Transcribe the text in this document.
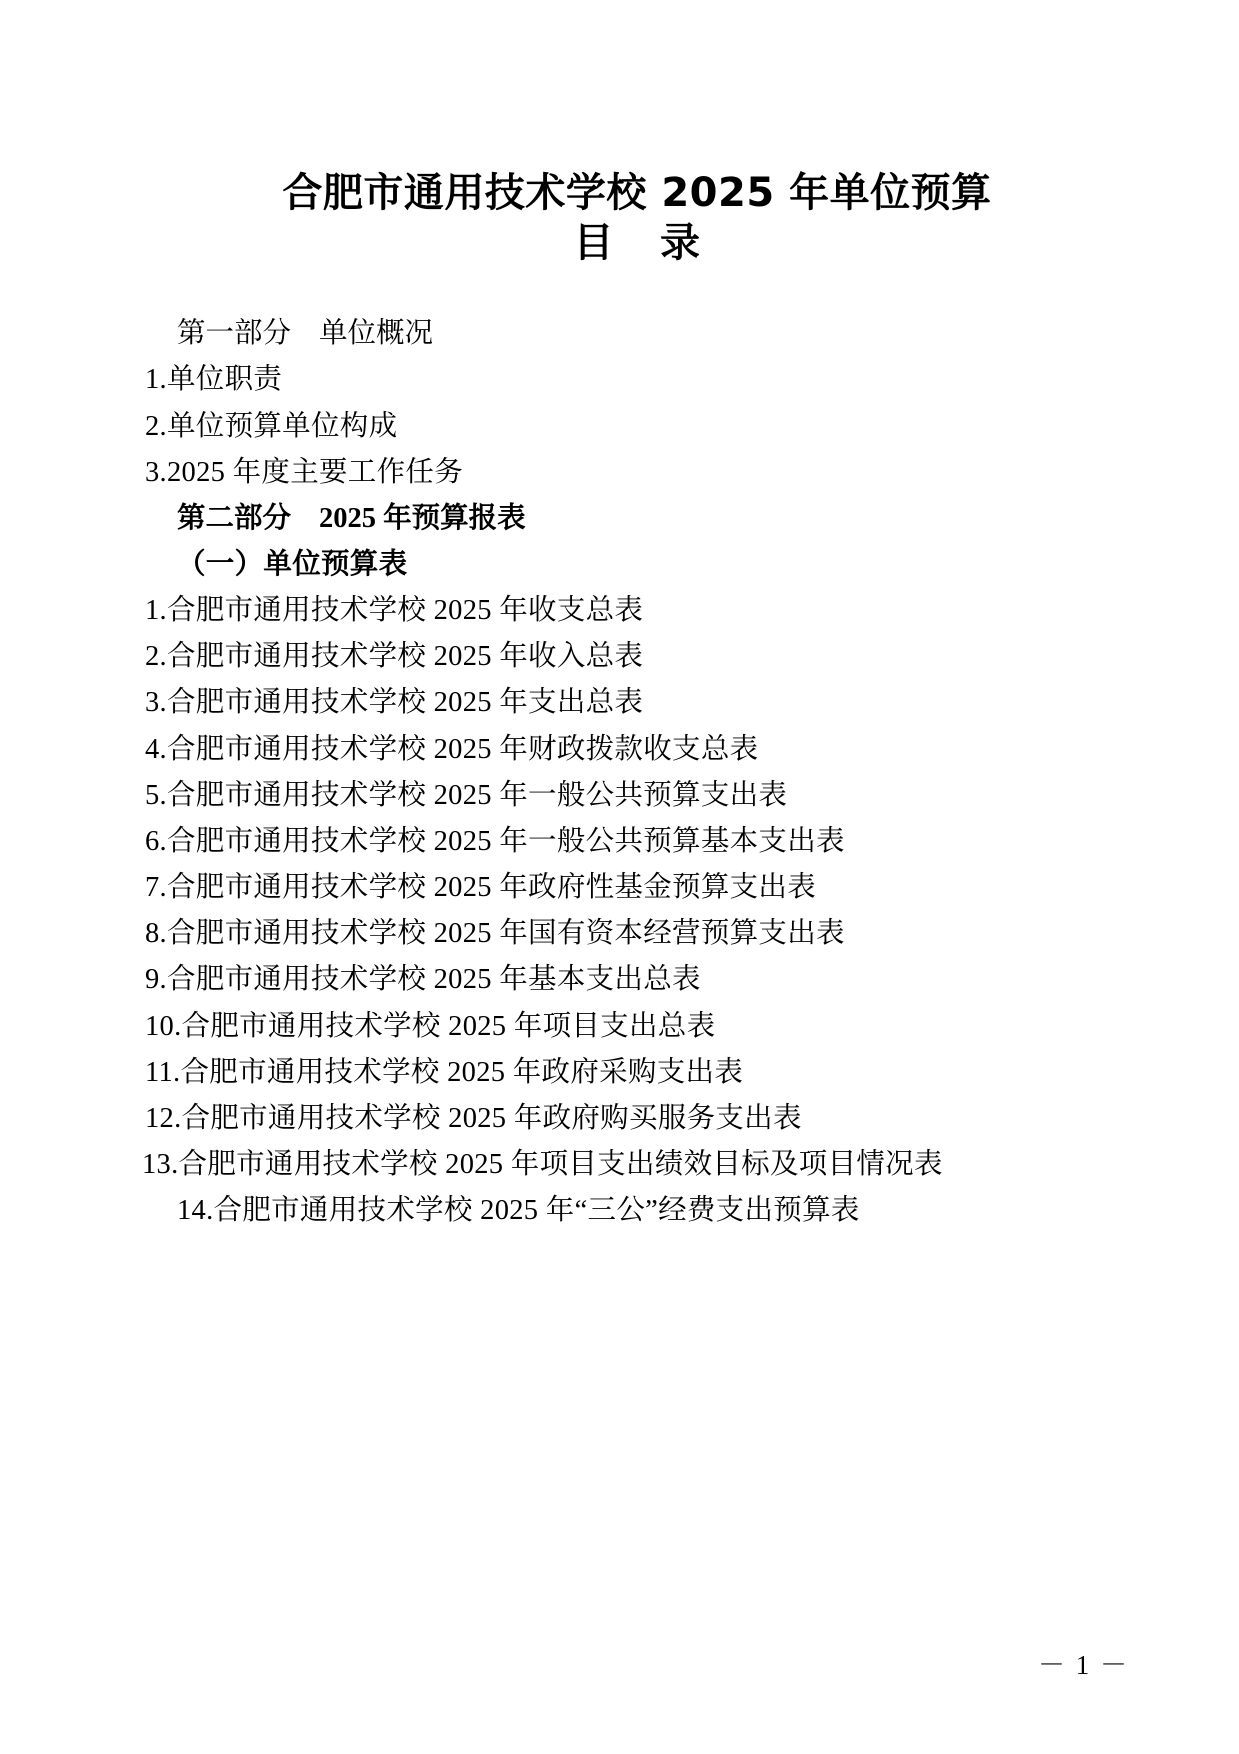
合肥市通用技术学校 2025 年单位预算
目 录
第一部分 单位概况
1.单位职责
2.单位预算单位构成
3.2025 年度主要工作任务
第二部分 2025 年预算报表
（一）单位预算表
1.合肥市通用技术学校 2025 年收支总表
2.合肥市通用技术学校 2025 年收入总表
3.合肥市通用技术学校 2025 年支出总表
4.合肥市通用技术学校 2025 年财政拨款收支总表
5.合肥市通用技术学校 2025 年一般公共预算支出表
6.合肥市通用技术学校 2025 年一般公共预算基本支出表
7.合肥市通用技术学校 2025 年政府性基金预算支出表
8.合肥市通用技术学校 2025 年国有资本经营预算支出表
9.合肥市通用技术学校 2025 年基本支出总表
10.合肥市通用技术学校 2025 年项目支出总表
11.合肥市通用技术学校 2025 年政府采购支出表
12.合肥市通用技术学校 2025 年政府购买服务支出表
13.合肥市通用技术学校 2025 年项目支出绩效目标及项目情况表
14.合肥市通用技术学校 2025 年“三公”经费支出预算表
－ 1 －
